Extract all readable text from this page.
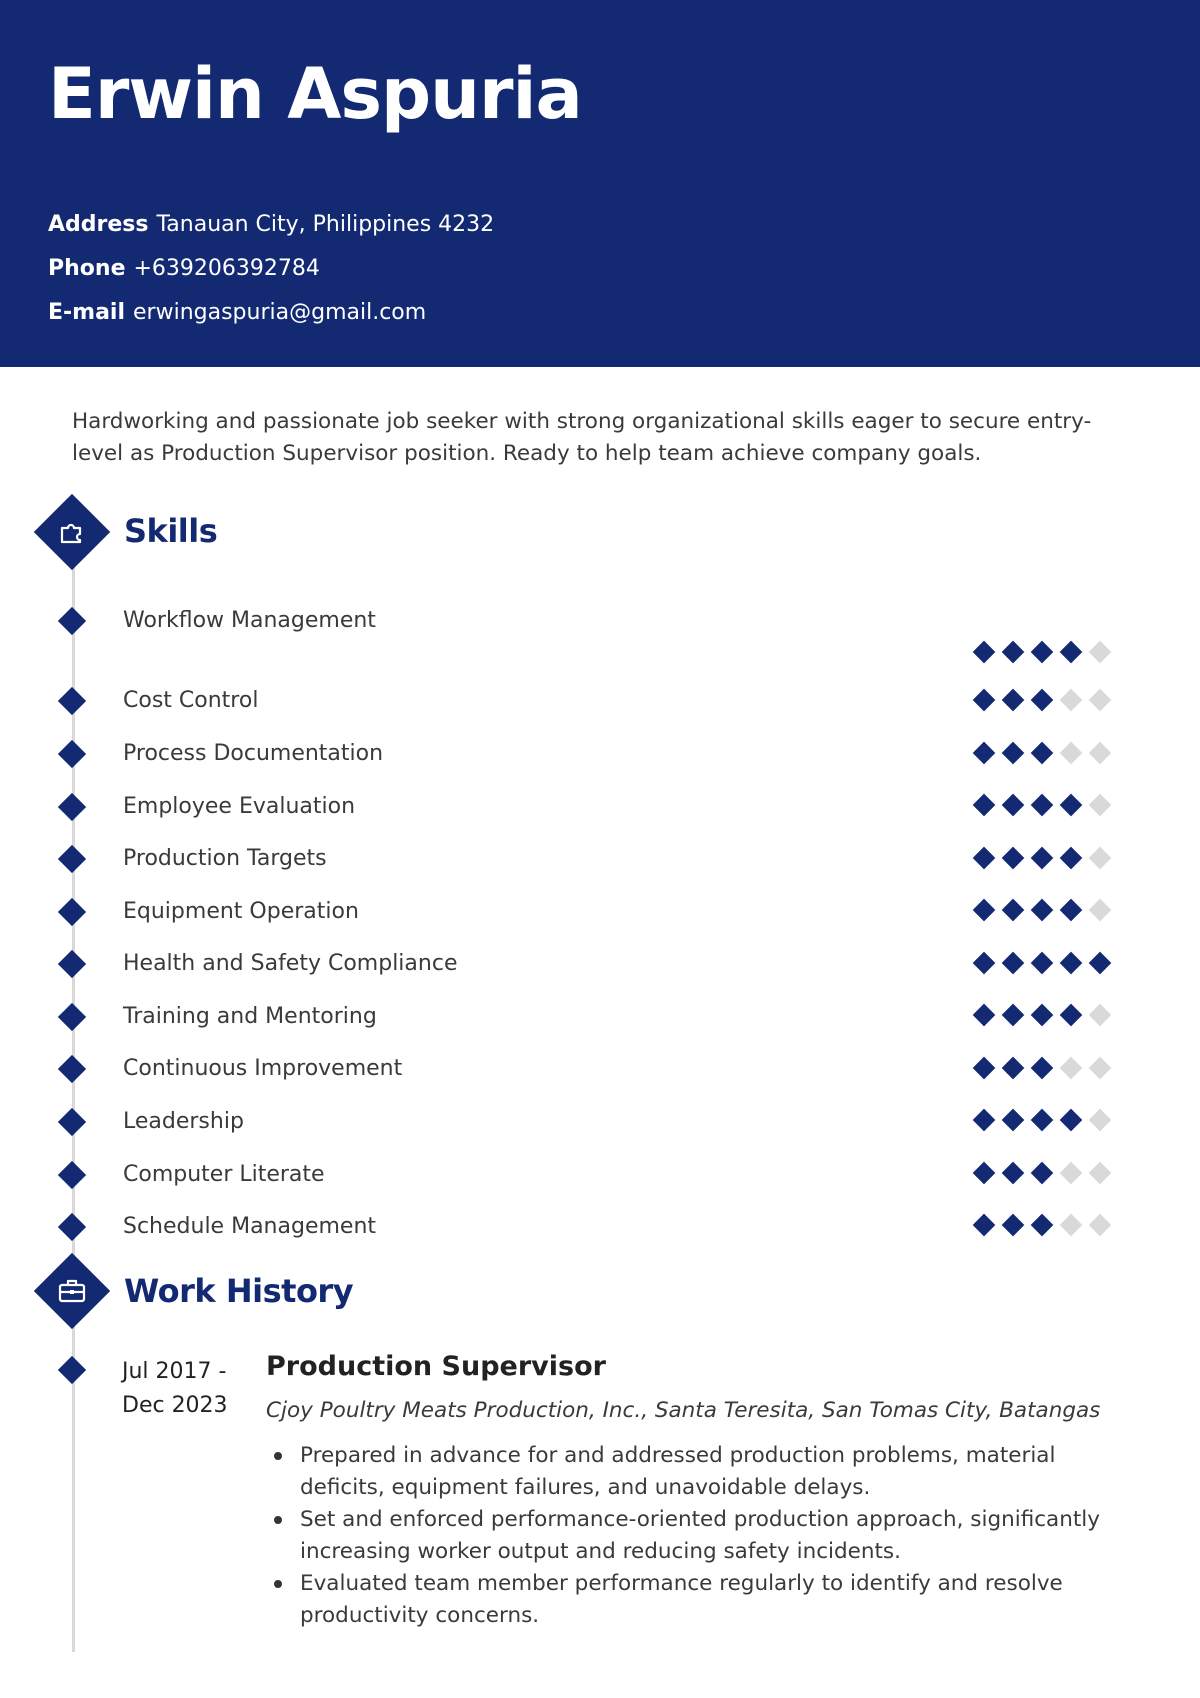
Erwin Aspuria
Address Tanauan City, Philippines 4232
Phone +639206392784
E-mail erwingaspuria@gmail.com
Hardworking and passionate job seeker with strong organizational skills eager to secure entry-level as Production Supervisor position. Ready to help team achieve company goals.
Skills
Workflow Management
Cost Control
Process Documentation
Employee Evaluation
Production Targets
Equipment Operation
Health and Safety Compliance
Training and Mentoring
Continuous Improvement
Leadership
Computer Literate
Schedule Management
Work History
Jul 2017 -
Dec 2023
Production Supervisor
Cjoy Poultry Meats Production, Inc., Santa Teresita, San Tomas City, Batangas
Prepared in advance for and addressed production problems, material deficits, equipment failures, and unavoidable delays.
Set and enforced performance-oriented production approach, significantly increasing worker output and reducing safety incidents.
Evaluated team member performance regularly to identify and resolve productivity concerns.
